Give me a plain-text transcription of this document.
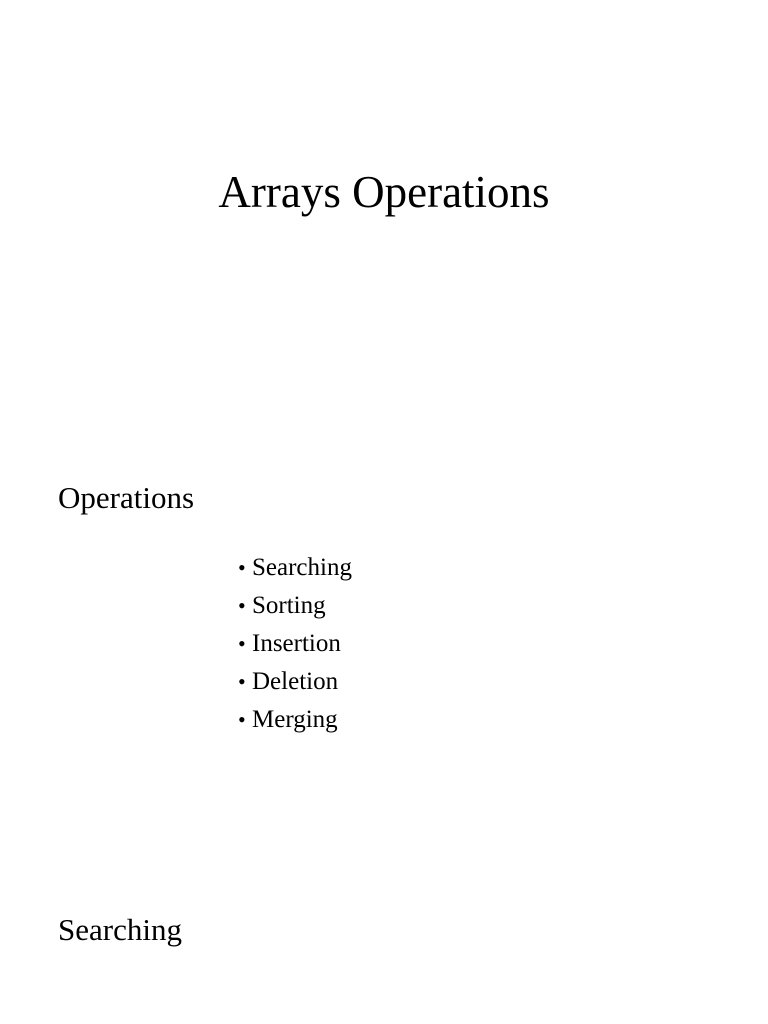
Arrays Operations
Operations
• Searching
• Sorting
• Insertion
• Deletion
• Merging
Searching
